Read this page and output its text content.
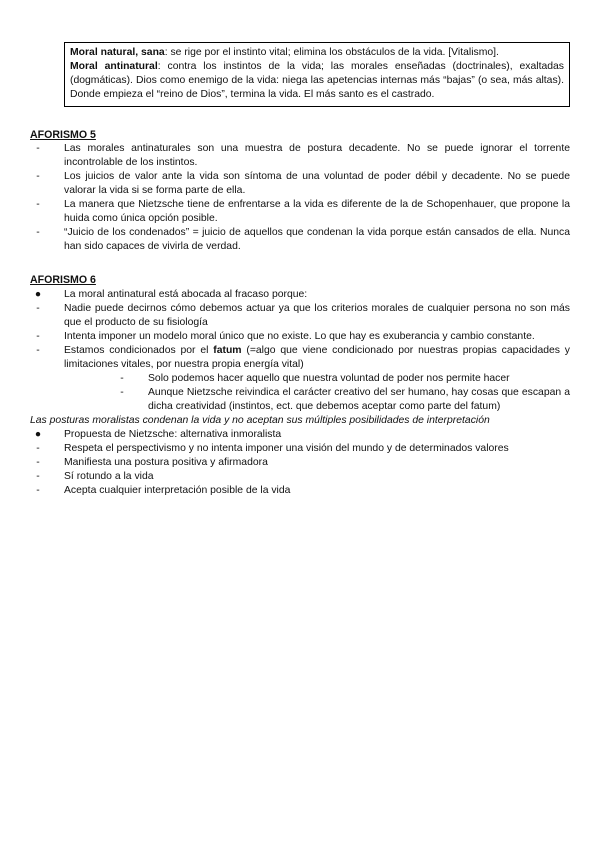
Moral natural, sana: se rige por el instinto vital; elimina los obstáculos de la vida. [Vitalismo].

Moral antinatural: contra los instintos de la vida; las morales enseñadas (doctrinales), exaltadas (dogmáticas). Dios como enemigo de la vida: niega las apetencias internas más “bajas” (o sea, más altas). Donde empieza el “reino de Dios”, termina la vida. El más santo es el castrado.

AFORISMO 5
-	Las morales antinaturales son una muestra de postura decadente. No se puede ignorar el torrente incontrolable de los instintos.
-	Los juicios de valor ante la vida son síntoma de una voluntad de poder débil y decadente. No se puede valorar la vida si se forma parte de ella.
-	La manera que Nietzsche tiene de enfrentarse a la vida es diferente de la de Schopenhauer, que propone la huida como única opción posible.
-	“Juicio de los condenados” = juicio de aquellos que condenan la vida porque están cansados de ella. Nunca han sido capaces de vivirla de verdad.
AFORISMO 6
● La moral antinatural está abocada al fracaso porque:
-	Nadie puede decirnos cómo debemos actuar ya que los criterios morales de cualquier persona no son más que el producto de su fisiología
-	Intenta imponer un modelo moral único que no existe. Lo que hay es exuberancia y cambio constante.
-	Estamos condicionados por el fatum (=algo que viene condicionado por nuestras propias capacidades y limitaciones vitales, por nuestra propia energía vital)
-	Solo podemos hacer aquello que nuestra voluntad de poder nos permite hacer
-	Aunque Nietzsche reivindica el carácter creativo del ser humano, hay cosas que escapan a dicha creatividad (instintos, ect. que debemos aceptar como parte del fatum)
Las posturas moralistas condenan la vida y no aceptan sus múltiples posibilidades de interpretación
● Propuesta de Nietzsche: alternativa inmoralista
-	Respeta el perspectivismo y no intenta imponer una visión del mundo y de determinados valores
-	Manifiesta una postura positiva y afirmadora
-	Sí rotundo a la vida
-	Acepta cualquier interpretación posible de la vida
